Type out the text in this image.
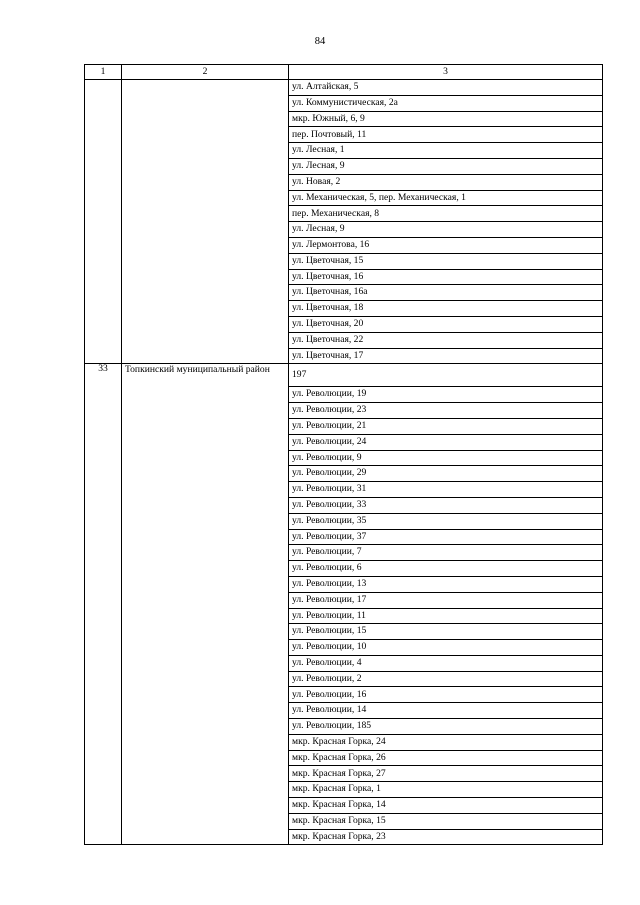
84
1	2	3
		ул. Алтайская, 5
		ул. Коммунистическая, 2а
		мкр. Южный, 6, 9
		пер. Почтовый, 11
		ул. Лесная, 1
		ул. Лесная, 9
		ул. Новая, 2
		ул. Механическая, 5, пер. Механическая, 1
		пер. Механическая, 8
		ул. Лесная, 9
		ул. Лермонтова, 16
		ул. Цветочная, 15
		ул. Цветочная, 16
		ул. Цветочная, 16а
		ул. Цветочная, 18
		ул. Цветочная, 20
		ул. Цветочная, 22
		ул. Цветочная, 17
33	Топкинский муниципальный район	197
		ул. Революции, 19
		ул. Революции, 23
		ул. Революции, 21
		ул. Революции, 24
		ул. Революции, 9
		ул. Революции, 29
		ул. Революции, 31
		ул. Революции, 33
		ул. Революции, 35
		ул. Революции, 37
		ул. Революции, 7
		ул. Революции, 6
		ул. Революции, 13
		ул. Революции, 17
		ул. Революции, 11
		ул. Революции, 15
		ул. Революции, 10
		ул. Революции, 4
		ул. Революции, 2
		ул. Революции, 16
		ул. Революции, 14
		ул. Революции, 185
		мкр. Красная Горка, 24
		мкр. Красная Горка, 26
		мкр. Красная Горка, 27
		мкр. Красная Горка, 1
		мкр. Красная Горка, 14
		мкр. Красная Горка, 15
		мкр. Красная Горка, 23
